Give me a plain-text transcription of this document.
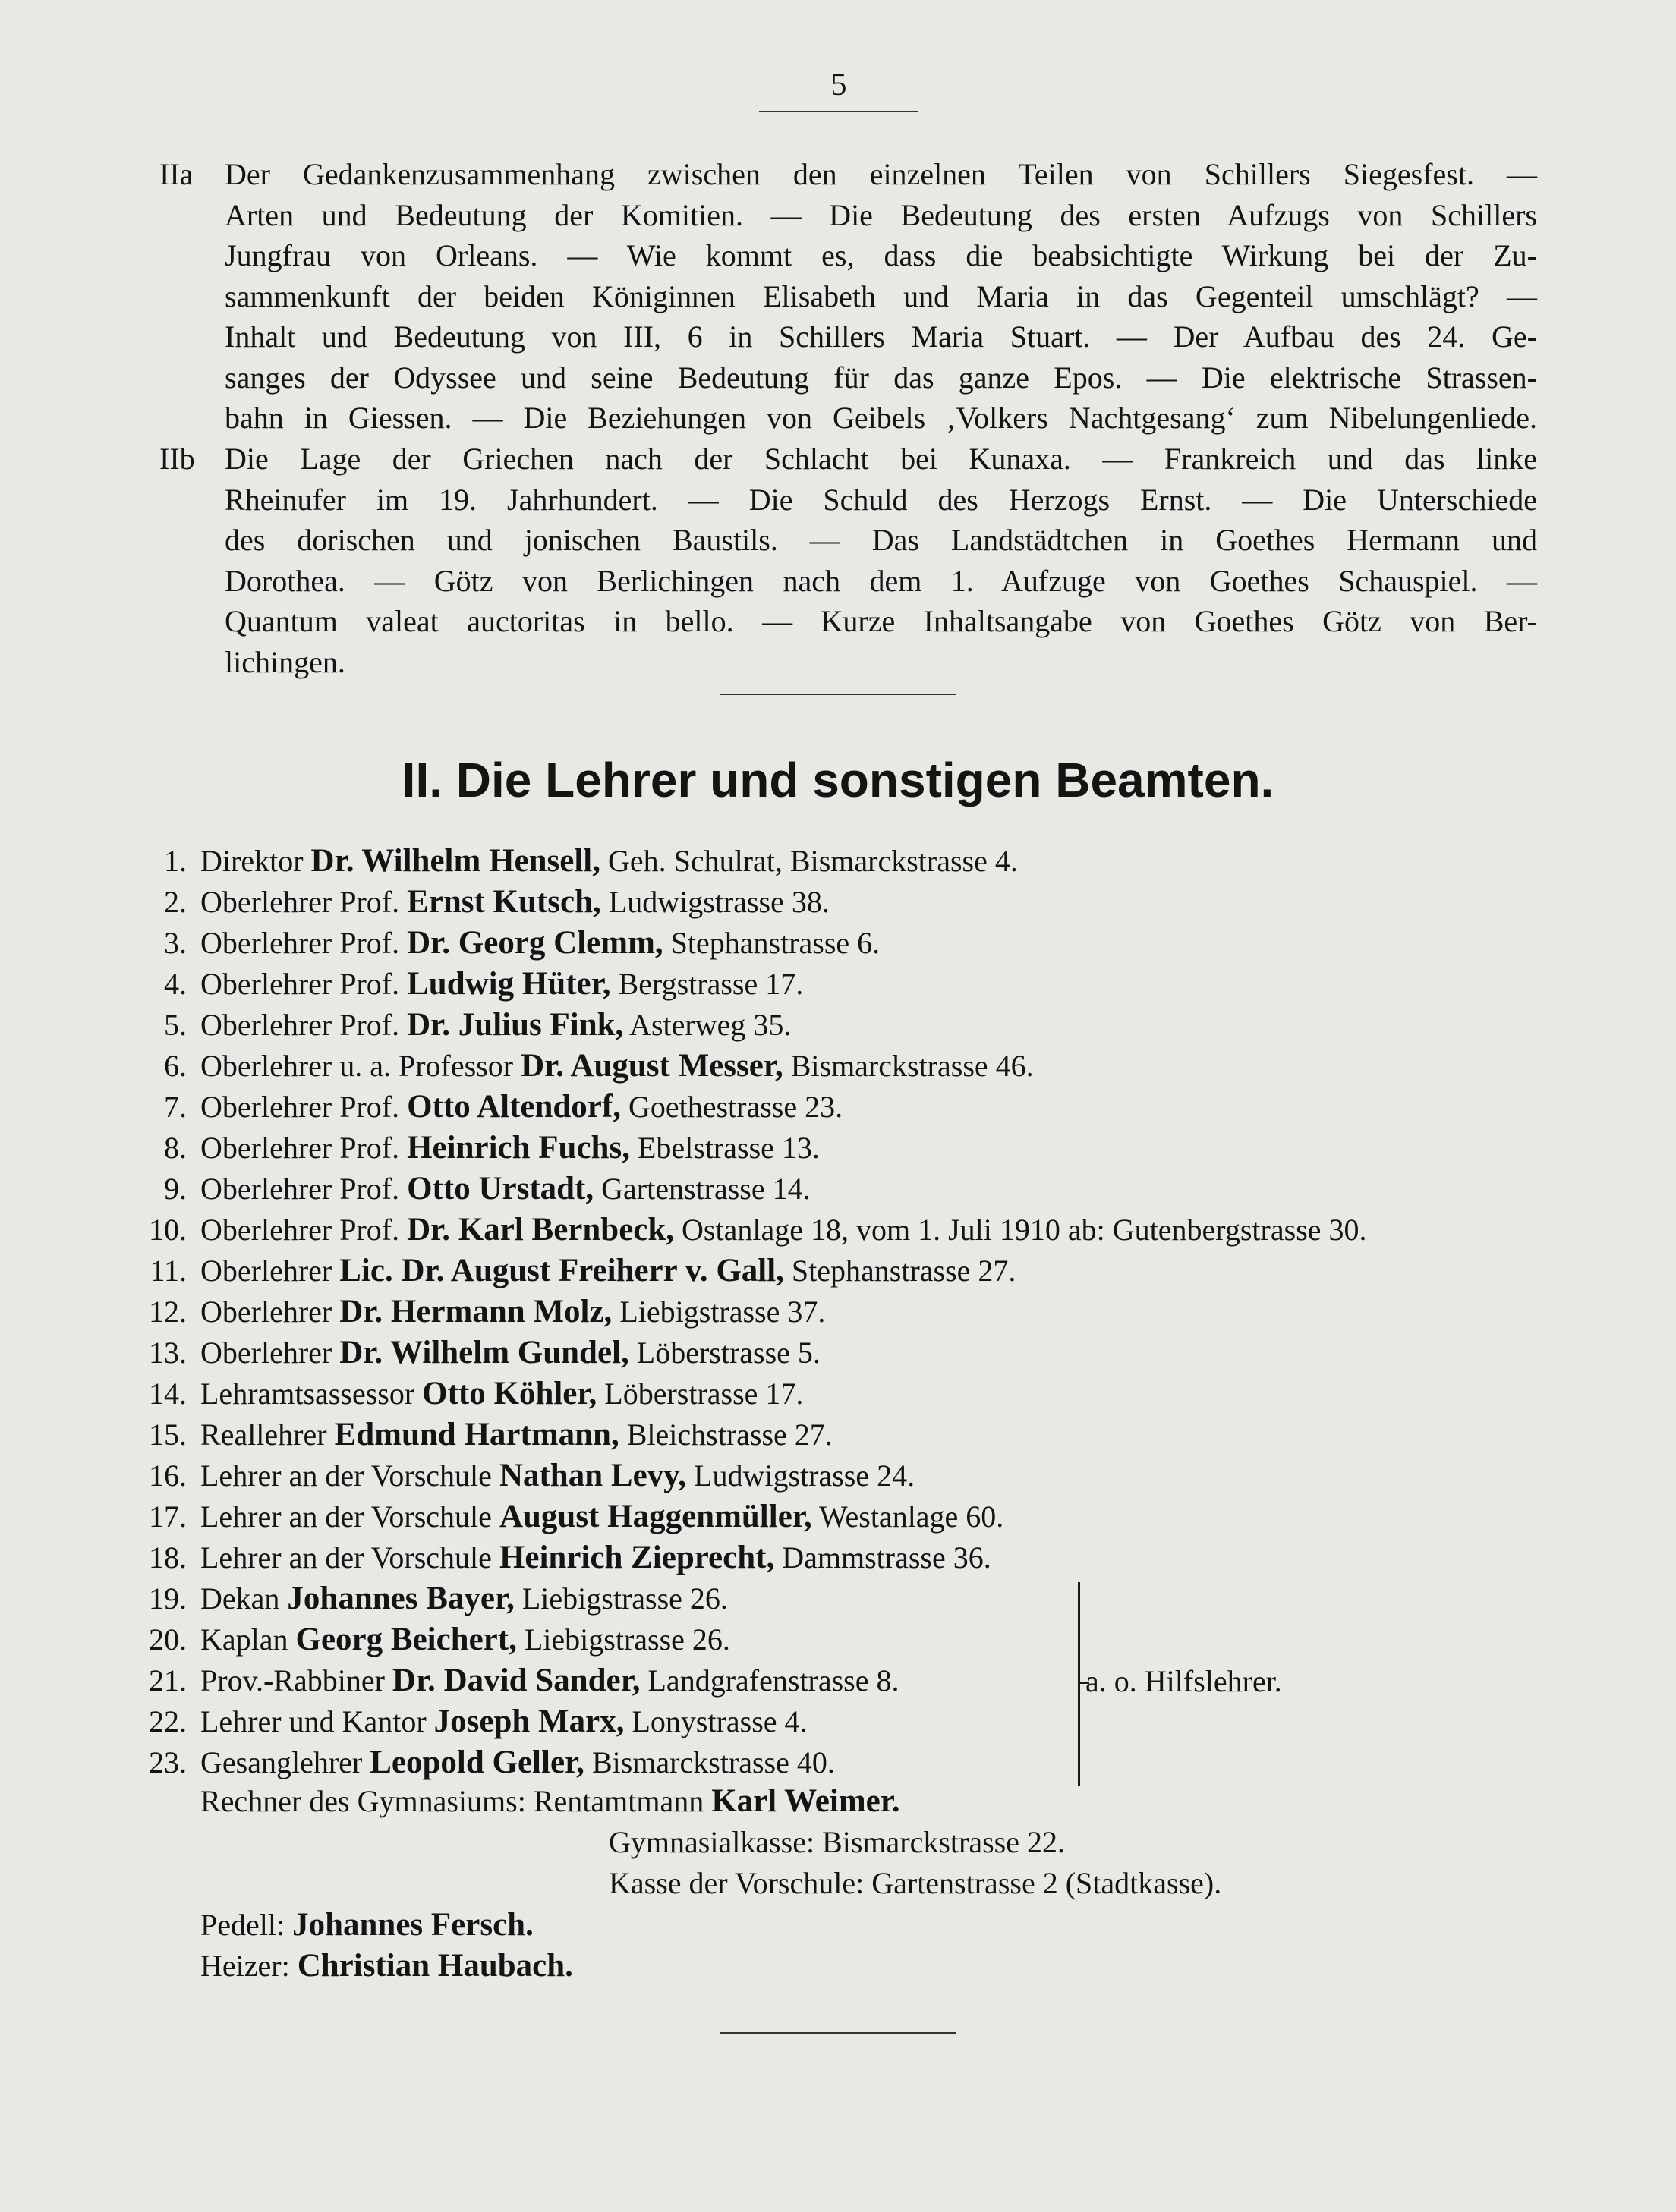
5
IIa Der Gedankenzusammenhang zwischen den einzelnen Teilen von Schillers Siegesfest. —
Arten und Bedeutung der Komitien. — Die Bedeutung des ersten Aufzugs von Schillers
Jungfrau von Orleans. — Wie kommt es, dass die beabsichtigte Wirkung bei der Zu-
sammenkunft der beiden Königinnen Elisabeth und Maria in das Gegenteil umschlägt? —
Inhalt und Bedeutung von III, 6 in Schillers Maria Stuart. — Der Aufbau des 24. Ge-
sanges der Odyssee und seine Bedeutung für das ganze Epos. — Die elektrische Strassen-
bahn in Giessen. — Die Beziehungen von Geibels ‚Volkers Nachtgesang‘ zum Nibelungenliede.
IIb Die Lage der Griechen nach der Schlacht bei Kunaxa. — Frankreich und das linke
Rheinufer im 19. Jahrhundert. — Die Schuld des Herzogs Ernst. — Die Unterschiede
des dorischen und jonischen Baustils. — Das Landstädtchen in Goethes Hermann und
Dorothea. — Götz von Berlichingen nach dem 1. Aufzuge von Goethes Schauspiel. —
Quantum valeat auctoritas in bello. — Kurze Inhaltsangabe von Goethes Götz von Ber-
lichingen.
II. Die Lehrer und sonstigen Beamten.
1. Direktor Dr. Wilhelm Hensell, Geh. Schulrat, Bismarckstrasse 4.
2. Oberlehrer Prof. Ernst Kutsch, Ludwigstrasse 38.
3. Oberlehrer Prof. Dr. Georg Clemm, Stephanstrasse 6.
4. Oberlehrer Prof. Ludwig Hüter, Bergstrasse 17.
5. Oberlehrer Prof. Dr. Julius Fink, Asterweg 35.
6. Oberlehrer u. a. Professor Dr. August Messer, Bismarckstrasse 46.
7. Oberlehrer Prof. Otto Altendorf, Goethestrasse 23.
8. Oberlehrer Prof. Heinrich Fuchs, Ebelstrasse 13.
9. Oberlehrer Prof. Otto Urstadt, Gartenstrasse 14.
10. Oberlehrer Prof. Dr. Karl Bernbeck, Ostanlage 18, vom 1. Juli 1910 ab: Gutenbergstrasse 30.
11. Oberlehrer Lic. Dr. August Freiherr v. Gall, Stephanstrasse 27.
12. Oberlehrer Dr. Hermann Molz, Liebigstrasse 37.
13. Oberlehrer Dr. Wilhelm Gundel, Löberstrasse 5.
14. Lehramtsassessor Otto Köhler, Löberstrasse 17.
15. Reallehrer Edmund Hartmann, Bleichstrasse 27.
16. Lehrer an der Vorschule Nathan Levy, Ludwigstrasse 24.
17. Lehrer an der Vorschule August Haggenmüller, Westanlage 60.
18. Lehrer an der Vorschule Heinrich Zieprecht, Dammstrasse 36.
19. Dekan Johannes Bayer, Liebigstrasse 26.
20. Kaplan Georg Beichert, Liebigstrasse 26.
21. Prov.-Rabbiner Dr. David Sander, Landgrafenstrasse 8.
22. Lehrer und Kantor Joseph Marx, Lonystrasse 4.
23. Gesanglehrer Leopold Geller, Bismarckstrasse 40.
a. o. Hilfslehrer.
Rechner des Gymnasiums: Rentamtmann Karl Weimer.
Gymnasialkasse: Bismarckstrasse 22.
Kasse der Vorschule: Gartenstrasse 2 (Stadtkasse).
Pedell: Johannes Fersch.
Heizer: Christian Haubach.
